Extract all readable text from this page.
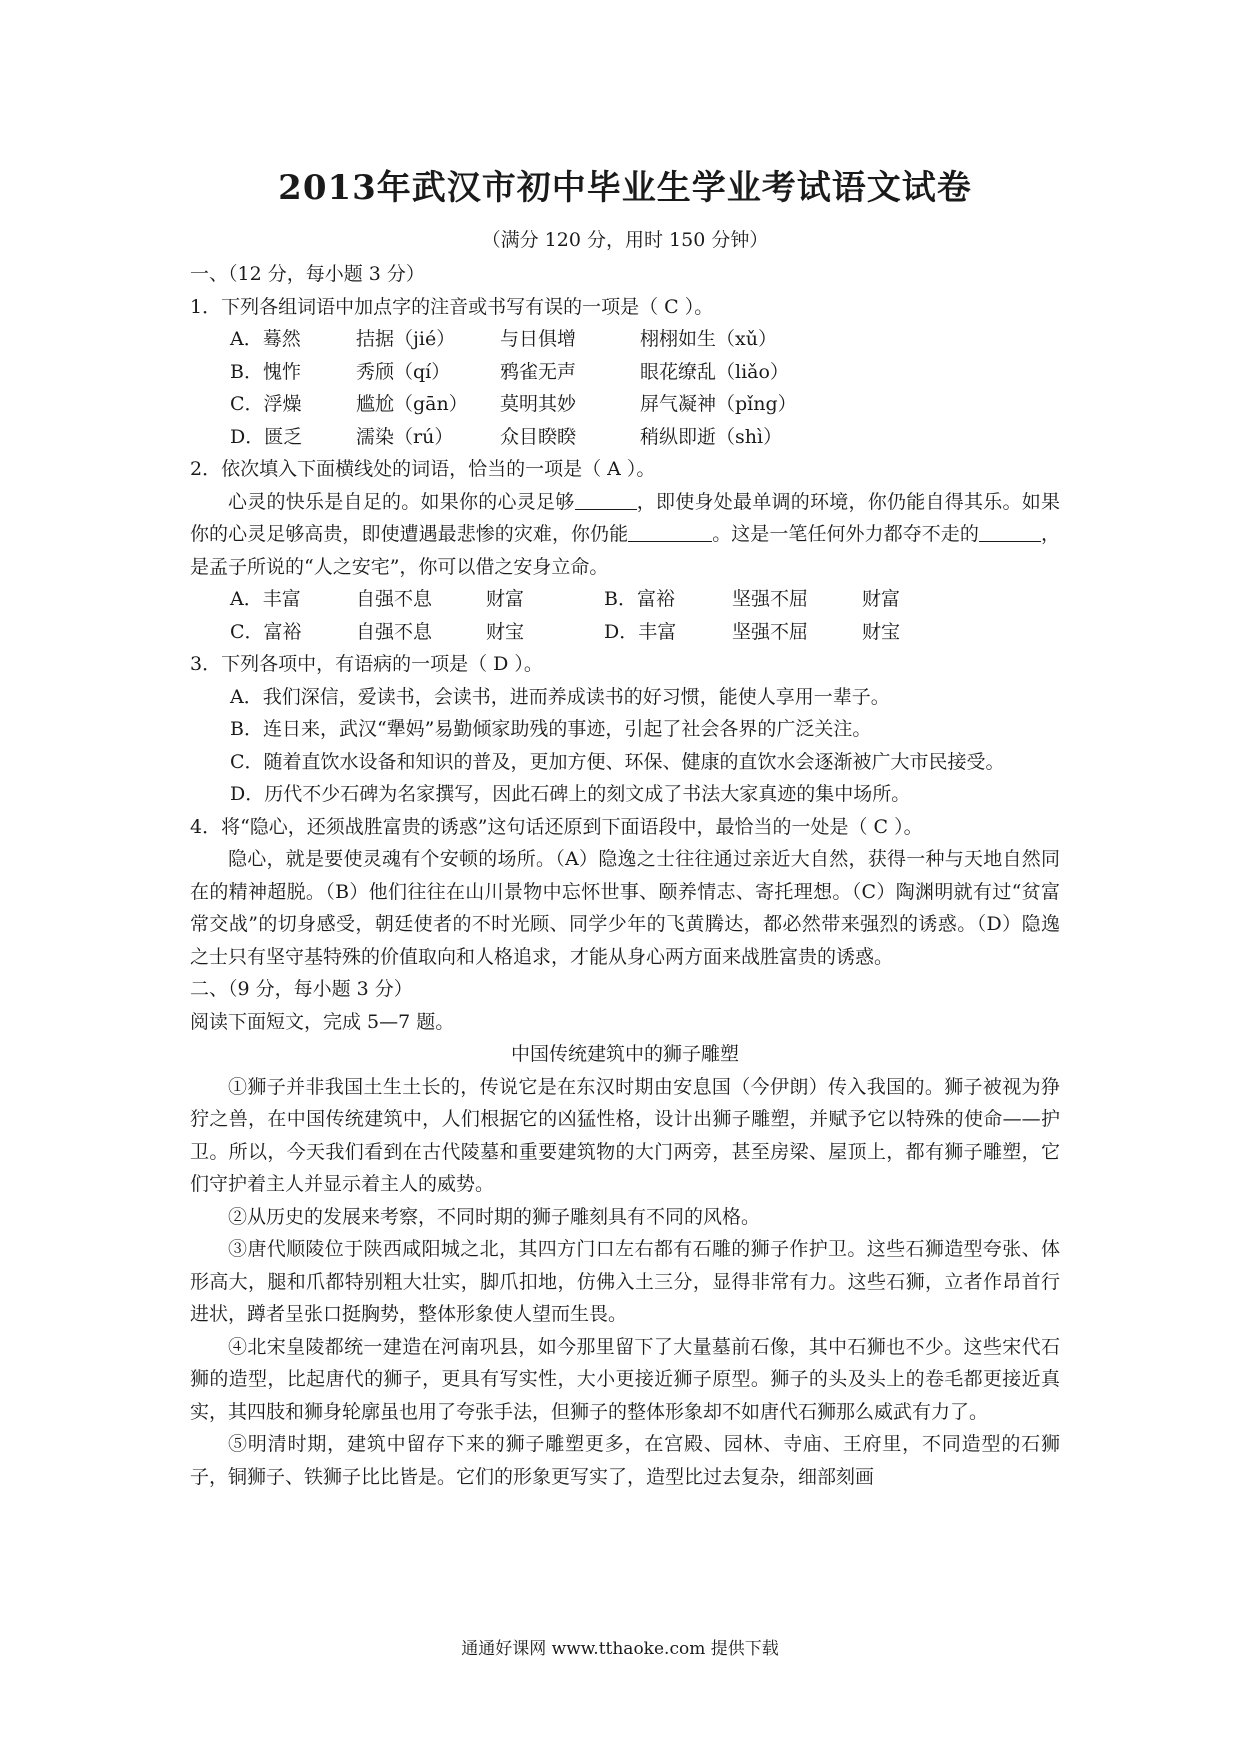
2013年武汉市初中毕业生学业考试语文试卷
（满分 120 分，用时 150 分钟）
一、（12 分，每小题 3 分）
1．下列各组词语中加点字的注音或书写有误的一项是（ C ）。
A．蓦然	拮据（jié）	与日俱增	栩栩如生（xǔ）
B．愧怍	秀颀（qí）	鸦雀无声	眼花缭乱（liǎo）
C．浮燥	尴尬（gān）	莫明其妙	屏气凝神（pǐng）
D．匮乏	濡染（rú）	众目睽睽	稍纵即逝（shì）
2．依次填入下面横线处的词语，恰当的一项是（ A ）。

心灵的快乐是自足的。如果你的心灵足够	，即使身处最单调的环境，你仍能自得其乐。如果你的心灵足够高贵，即使遭遇最悲惨的灾难，你仍能	。这是一笔任何外力都夺不走的	，是孟子所说的“人之安宅”，你可以借之安身立命。

A．丰富	自强不息	财富	B．富裕	坚强不屈	财富
C．富裕	自强不息	财宝	D．丰富	坚强不屈	财宝
3．下列各项中，有语病的一项是（ D ）。
A．我们深信，爱读书，会读书，进而养成读书的好习惯，能使人享用一辈子。
B．连日来，武汉“犟妈”易勤倾家助残的事迹，引起了社会各界的广泛关注。

C．随着直饮水设备和知识的普及，更加方便、环保、健康的直饮水会逐渐被广大市民接受。

D．历代不少石碑为名家撰写，因此石碑上的刻文成了书法大家真迹的集中场所。
4．将“隐心，还须战胜富贵的诱惑”这句话还原到下面语段中，最恰当的一处是（ C ）。

隐心，就是要使灵魂有个安顿的场所。（A）隐逸之士往往通过亲近大自然，获得一种与天地自然同在的精神超脱。（B）他们往往在山川景物中忘怀世事、颐养情志、寄托理想。（C）陶渊明就有过“贫富常交战”的切身感受，朝廷使者的不时光顾、同学少年的飞黄腾达，都必然带来强烈的诱惑。（D）隐逸之士只有坚守基特殊的价值取向和人格追求，才能从身心两方面来战胜富贵的诱惑。

二、（9 分，每小题 3 分）
阅读下面短文，完成 5—7 题。
中国传统建筑中的狮子雕塑

①狮子并非我国土生土长的，传说它是在东汉时期由安息国（今伊朗）传入我国的。狮子被视为狰狞之兽，在中国传统建筑中，人们根据它的凶猛性格，设计出狮子雕塑，并赋予它以特殊的使命——护卫。所以，今天我们看到在古代陵墓和重要建筑物的大门两旁，甚至房梁、屋顶上，都有狮子雕塑，它们守护着主人并显示着主人的威势。

②从历史的发展来考察，不同时期的狮子雕刻具有不同的风格。

③唐代顺陵位于陕西咸阳城之北，其四方门口左右都有石雕的狮子作护卫。这些石狮造型夸张、体形高大，腿和爪都特别粗大壮实，脚爪扣地，仿佛入土三分，显得非常有力。这些石狮，立者作昂首行进状，蹲者呈张口挺胸势，整体形象使人望而生畏。

④北宋皇陵都统一建造在河南巩县，如今那里留下了大量墓前石像，其中石狮也不少。这些宋代石狮的造型，比起唐代的狮子，更具有写实性，大小更接近狮子原型。狮子的头及头上的卷毛都更接近真实，其四肢和狮身轮廓虽也用了夸张手法，但狮子的整体形象却不如唐代石狮那么威武有力了。

⑤明清时期，建筑中留存下来的狮子雕塑更多，在宫殿、园林、寺庙、王府里，不同造型的石狮子，铜狮子、铁狮子比比皆是。它们的形象更写实了，造型比过去复杂，细部刻画

通通好课网 www.tthaoke.com 提供下载
